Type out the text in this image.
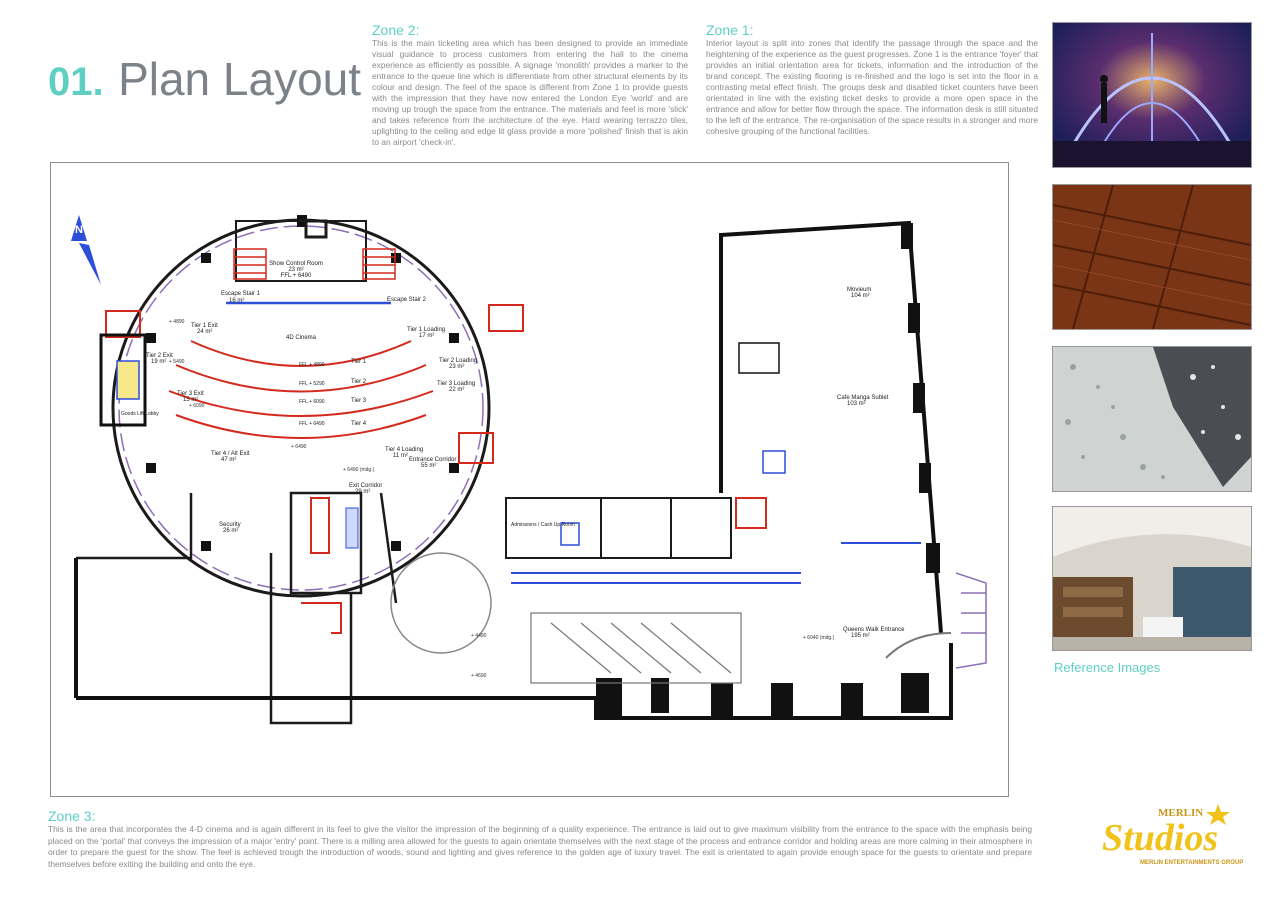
01. Plan Layout
Zone 2:
This is the main ticketing area which has been designed to provide an immediate visual guidance to process customers from entering the hall to the cinema experience as efficiently as possible. A signage 'monolith' provides a marker to the entrance to the queue line which is differentiate from other structural elements by its colour and design. The feel of the space is different from Zone 1 to provide guests with the impression that they have now entered the London Eye 'world' and are moving up trough the space from the entrance. The materials and feel is more 'slick' and takes reference from the architecture of the eye. Hard wearing terrazzo tiles, uplighting to the ceiling and edge lit glass provide a more 'polished' finish that is akin to an airport 'check-in'.
Zone 1:
Interior layout is split into zones that identify the passage through the space and the heightening of the experience as the guest progresses. Zone 1 is the entrance 'foyer' that provides an initial orientation area for tickets, information and the introduction of the brand concept. The existing flooring is re-finished and the logo is set into the floor in a contrasting metal effect finish. The groups desk and disabled ticket counters have been orientated in line with the existing ticket desks to provide a more open space in the entrance and allow for better flow through the space. The information desk is still situated to the left of the entrance. The re-organisation of the space results in a stronger and more cohesive grouping of the functional facilities.
N
Show Control Room
23 m²
FFL + 6490
Escape Stair 1
16 m²	Escape Stair 2
4D Cinema
Tier 1 Exit
24 m²
Tier 2 Exit
19 m²
Tier 3 Exit
15 m²
Tier 4 / Alt Exit
47 m²
Tier 1 Loading
17 m²
Tier 2 Loading
23 m²
Tier 3 Loading
22 m²
Tier 4 Loading
11 m²
Goods Lift Lobby
Entrance Corridor
55 m²
Exit Corridor
29 m²
Security
26 m²
Admissions / Cash Up Room
Movieum
104 m²
Cafe Manga Sublet
103 m²
Queens Walk Entrance
195 m²
Tier 1
Tier 2
Tier 3
Tier 4
FFL + 4890
FFL + 5290
FFL + 6090
FFL + 6490
+ 4890
+ 5490
+ 6090
+ 6490
+ 6490 (mdg.)
+ 4490
+ 4690
+ 6040 (mdg.)
Reference Images
Zone 3:
This is the area that incorporates the 4-D cinema and is again different in its feel to give the visitor the impression of the beginning of a quality experience. The entrance is laid out to give maximum visibility from the entrance to the space with the emphasis being placed on the 'portal' that conveys the impression of a major 'entry' point. There is a milling area allowed for the guests to again orientate themselves with the next stage of the process and entrance corridor and holding areas are more calming in their atmosphere in order to prepare the guest for the show. The feel is achieved trough the introduction of woods, sound and lighting and gives reference to the golden age of luxury travel. The exit is orientated to again provide enough space for the guests to orientate and prepare themselves before exiting the building and onto the eye.
MERLIN
Studios
MERLIN ENTERTAINMENTS GROUP
